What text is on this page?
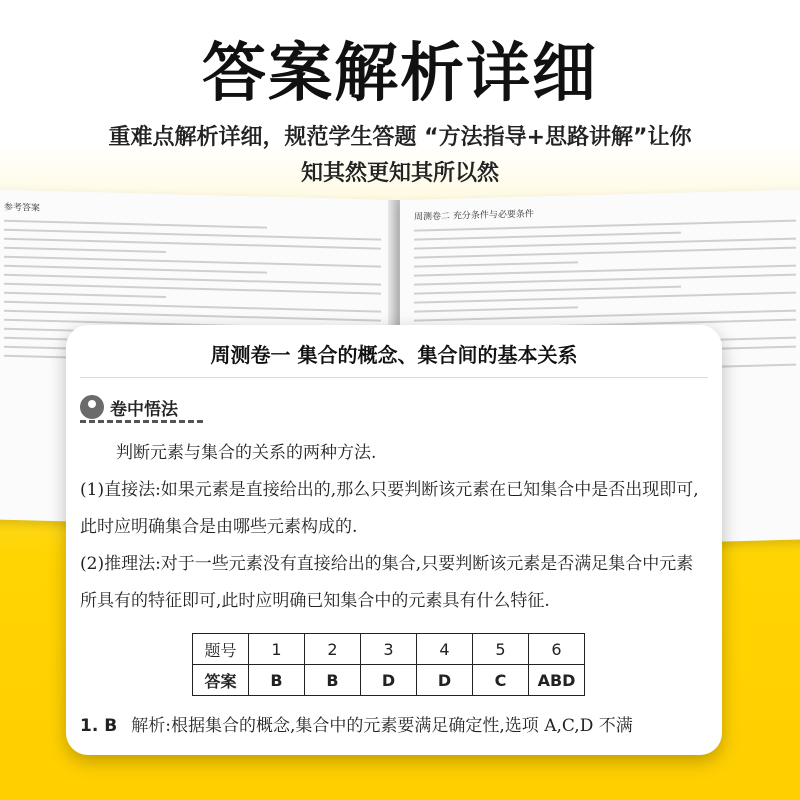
答案解析详细
重难点解析详细，规范学生答题 “方法指导+思路讲解”让你
知其然更知其所以然
参考答案
周测卷二 充分条件与必要条件
周测卷一 集合的概念、集合间的基本关系
卷中悟法
判断元素与集合的关系的两种方法.
(1)直接法:如果元素是直接给出的,那么只要判断该元素在已知集合中是否出现即可,此时应明确集合是由哪些元素构成的.
(2)推理法:对于一些元素没有直接给出的集合,只要判断该元素是否满足集合中元素所具有的特征即可,此时应明确已知集合中的元素具有什么特征.
题号	1	2	3	4	5	6
答案	B	B	D	D	C	ABD
1. B 解析:根据集合的概念,集合中的元素要满足确定性,选项 A,C,D 不满
